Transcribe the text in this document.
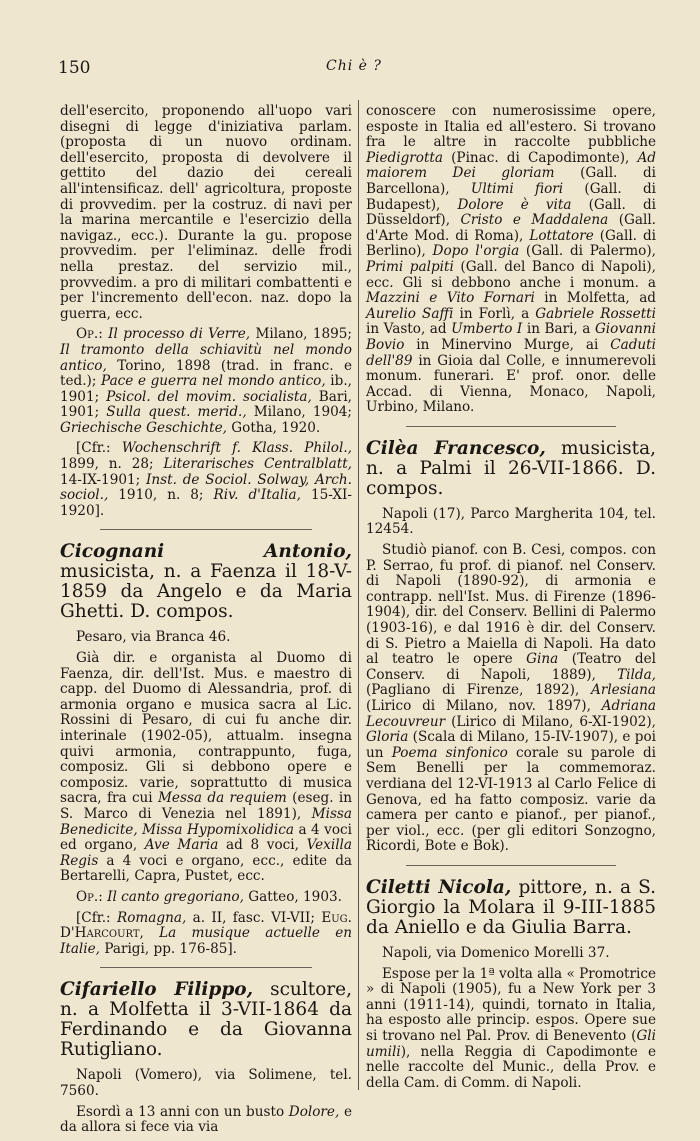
150	Chi è ?

dell'esercito, proponendo all'uopo vari disegni di legge d'iniziativa parlam. (proposta di un nuovo ordinam. dell'esercito, proposta di devolvere il gettito del dazio dei cereali all'intensificaz. dell' agricoltura, proposte di provvedim. per la costruz. di navi per la marina mercantile e l'esercizio della navigaz., ecc.). Durante la gu. propose provvedim. per l'eliminaz. delle frodi nella prestaz. del servizio mil., provvedim. a pro di militari combattenti e per l'incremento dell'econ. naz. dopo la guerra, ecc.

Op.: Il processo di Verre, Milano, 1895; Il tramonto della schiavitù nel mondo antico, Torino, 1898 (trad. in franc. e ted.); Pace e guerra nel mondo antico, ib., 1901; Psicol. del movim. socialista, Bari, 1901; Sulla quest. merid., Milano, 1904; Griechische Geschichte, Gotha, 1920.

[Cfr.: Wochenschrift f. Klass. Philol., 1899, n. 28; Literarisches Centralblatt, 14-IX-1901; Inst. de Sociol. Solway, Arch. sociol., 1910, n. 8; Riv. d'Italia, 15-XI-1920].

Cicognani Antonio, musicista, n. a Faenza il 18-V-1859 da Angelo e da Maria Ghetti. D. compos.

Pesaro, via Branca 46.

Già dir. e organista al Duomo di Faenza, dir. dell'Ist. Mus. e maestro di capp. del Duomo di Alessandria, prof. di armonia organo e musica sacra al Lic. Rossini di Pesaro, di cui fu anche dir. interinale (1902-05), attualm. insegna quivi armonia, contrappunto, fuga, composiz. Gli si debbono opere e composiz. varie, soprattutto di musica sacra, fra cui Messa da requiem (eseg. in S. Marco di Venezia nel 1891), Missa Benedicite, Missa Hypomixolidica a 4 voci ed organo, Ave Maria ad 8 voci, Vexilla Regis a 4 voci e organo, ecc., edite da Bertarelli, Capra, Pustet, ecc.

Op.: Il canto gregoriano, Gatteo, 1903.

[Cfr.: Romagna, a. II, fasc. VI-VII; Eug. D'Harcourt, La musique actuelle en Italie, Parigi, pp. 176-85].

Cifariello Filippo, scultore, n. a Molfetta il 3-VII-1864 da Ferdinando e da Giovanna Rutigliano.

Napoli (Vomero), via Solimene, tel. 7560.

Esordì a 13 anni con un busto Dolore, e da allora si fece via via

conoscere con numerosissime opere, esposte in Italia ed all'estero. Si trovano fra le altre in raccolte pubbliche Piedigrotta (Pinac. di Capodimonte), Ad maiorem Dei gloriam (Gall. di Barcellona), Ultimi fiori (Gall. di Budapest), Dolore è vita (Gall. di Düsseldorf), Cristo e Maddalena (Gall. d'Arte Mod. di Roma), Lottatore (Gall. di Berlino), Dopo l'orgia (Gall. di Palermo), Primi palpiti (Gall. del Banco di Napoli), ecc. Gli si debbono anche i monum. a Mazzini e Vito Fornari in Molfetta, ad Aurelio Saffi in Forlì, a Gabriele Rossetti in Vasto, ad Umberto I in Bari, a Giovanni Bovio in Minervino Murge, ai Caduti dell'89 in Gioia dal Colle, e innumerevoli monum. funerari. E' prof. onor. delle Accad. di Vienna, Monaco, Napoli, Urbino, Milano.

Cilèa Francesco, musicista, n. a Palmi il 26-VII-1866. D. compos.

Napoli (17), Parco Margherita 104, tel. 12454.

Studiò pianof. con B. Cesi, compos. con P. Serrao, fu prof. di pianof. nel Conserv. di Napoli (1890-92), di armonia e contrapp. nell'Ist. Mus. di Firenze (1896-1904), dir. del Conserv. Bellini di Palermo (1903-16), e dal 1916 è dir. del Conserv. di S. Pietro a Maiella di Napoli. Ha dato al teatro le opere Gina (Teatro del Conserv. di Napoli, 1889), Tilda, (Pagliano di Firenze, 1892), Arlesiana (Lirico di Milano, nov. 1897), Adriana Lecouvreur (Lirico di Milano, 6-XI-1902), Gloria (Scala di Milano, 15-IV-1907), e poi un Poema sinfonico corale su parole di Sem Benelli per la commemoraz. verdiana del 12-VI-1913 al Carlo Felice di Genova, ed ha fatto composiz. varie da camera per canto e pianof., per pianof., per viol., ecc. (per gli editori Sonzogno, Ricordi, Bote e Bok).

Ciletti Nicola, pittore, n. a S. Giorgio la Molara il 9-III-1885 da Aniello e da Giulia Barra.

Napoli, via Domenico Morelli 37.

Espose per la 1ª volta alla « Promotrice » di Napoli (1905), fu a New York per 3 anni (1911-14), quindi, tornato in Italia, ha esposto alle princip. espos. Opere sue si trovano nel Pal. Prov. di Benevento (Gli umili), nella Reggia di Capodimonte e nelle raccolte del Munic., della Prov. e della Cam. di Comm. di Napoli.
